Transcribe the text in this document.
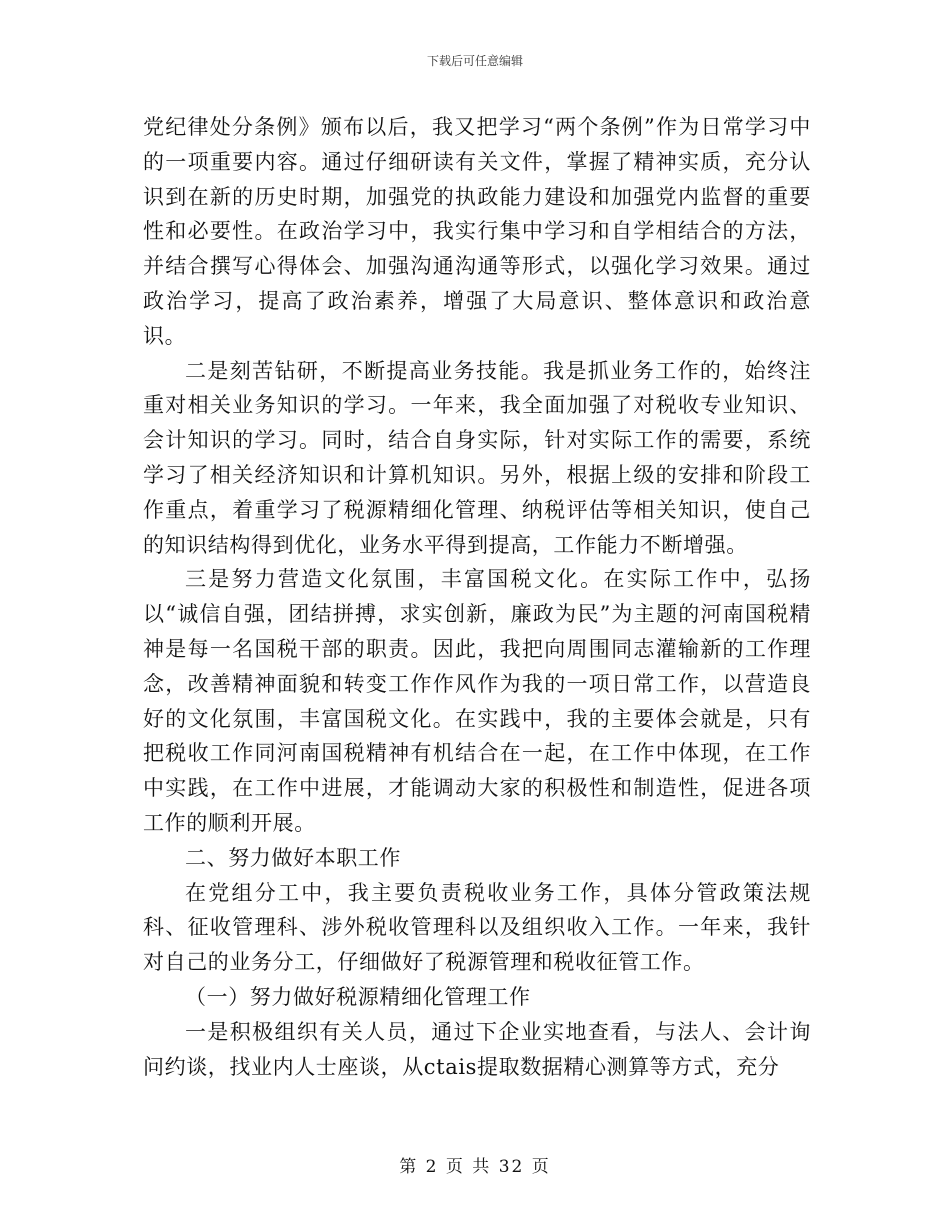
下载后可任意编辑

党纪律处分条例》颁布以后，我又把学习“两个条例”作为日常学习中的一项重要内容。通过仔细研读有关文件，掌握了精神实质，充分认识到在新的历史时期，加强党的执政能力建设和加强党内监督的重要性和必要性。在政治学习中，我实行集中学习和自学相结合的方法，并结合撰写心得体会、加强沟通沟通等形式，以强化学习效果。通过政治学习，提高了政治素养，增强了大局意识、整体意识和政治意识。

二是刻苦钻研，不断提高业务技能。我是抓业务工作的，始终注重对相关业务知识的学习。一年来，我全面加强了对税收专业知识、会计知识的学习。同时，结合自身实际，针对实际工作的需要，系统学习了相关经济知识和计算机知识。另外，根据上级的安排和阶段工作重点，着重学习了税源精细化管理、纳税评估等相关知识，使自己的知识结构得到优化，业务水平得到提高，工作能力不断增强。

三是努力营造文化氛围，丰富国税文化。在实际工作中，弘扬以“诚信自强，团结拼搏，求实创新，廉政为民”为主题的河南国税精神是每一名国税干部的职责。因此，我把向周围同志灌输新的工作理念，改善精神面貌和转变工作作风作为我的一项日常工作，以营造良好的文化氛围，丰富国税文化。在实践中，我的主要体会就是，只有把税收工作同河南国税精神有机结合在一起，在工作中体现，在工作中实践，在工作中进展，才能调动大家的积极性和制造性，促进各项工作的顺利开展。

二、努力做好本职工作

在党组分工中，我主要负责税收业务工作，具体分管政策法规科、征收管理科、涉外税收管理科以及组织收入工作。一年来，我针对自己的业务分工，仔细做好了税源管理和税收征管工作。

（一）努力做好税源精细化管理工作

一是积极组织有关人员，通过下企业实地查看，与法人、会计询问约谈，找业内人士座谈，从ctais提取数据精心测算等方式，充分

第 2 页 共 32 页
